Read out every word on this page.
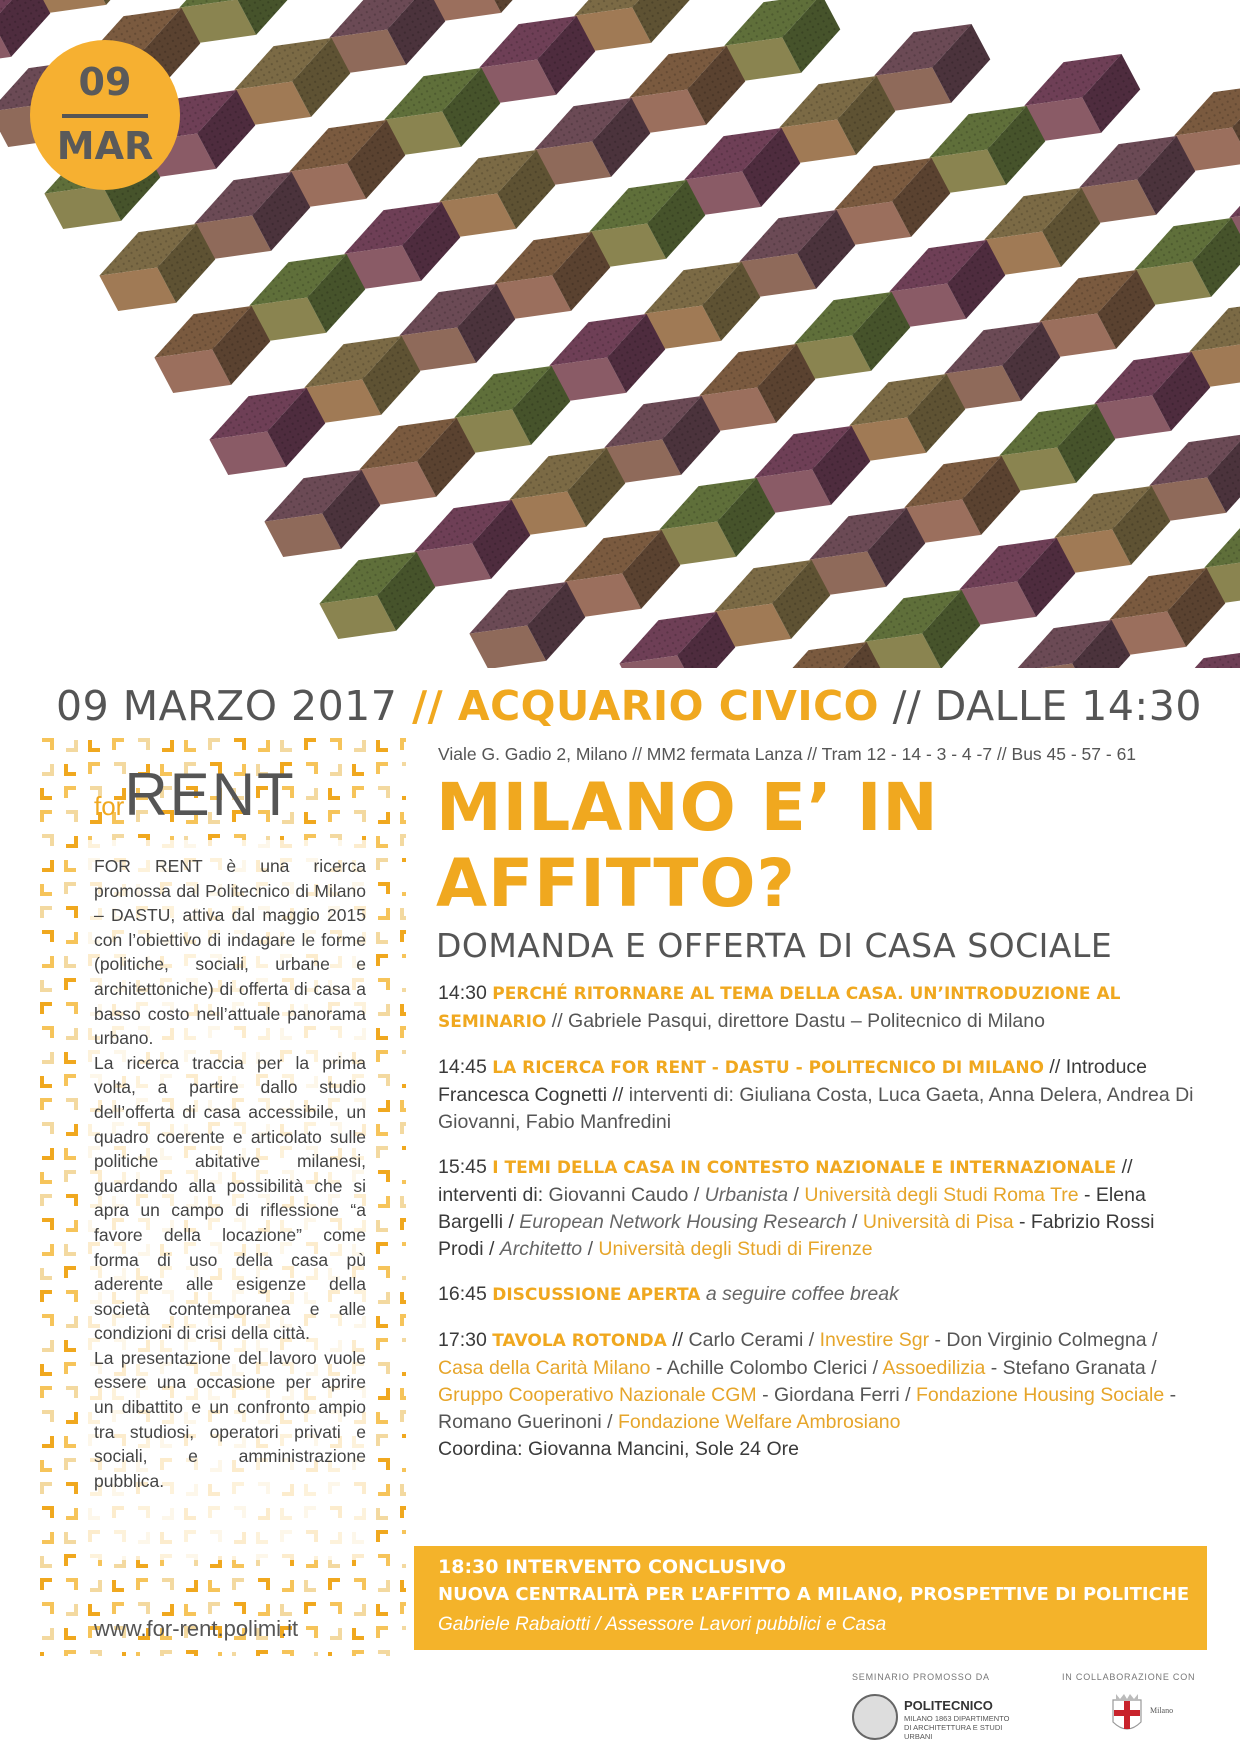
09
MAR
09 MARZO 2017 // ACQUARIO CIVICO // DALLE 14:30
forRENT

FOR RENT è una ricerca promossa dal Politecnico di Milano – DASTU, attiva dal maggio 2015 con l’obiettivo di indagare le forme (politiche, sociali, urbane e architettoniche) di offerta di casa a basso costo nell’attuale panorama urbano.

La ricerca traccia per la prima volta, a partire dallo studio dell’offerta di casa accessibile, un quadro coerente e articolato sulle politiche abitative milanesi, guardando alla possibilità che si apra un campo di riflessione “a favore della locazione” come forma di uso della casa pù aderente alle esigenze della società contemporanea e alle condizioni di crisi della città.

La presentazione del lavoro vuole essere una occasione per aprire un dibattito e un confronto ampio tra studiosi, operatori privati e sociali, e amministrazione pubblica.

www.for-rent.polimi.it
Viale G. Gadio 2, Milano // MM2 fermata Lanza // Tram 12 - 14 - 3 - 4 -7 // Bus 45 - 57 - 61
MILANO E’ IN AFFITTO?
DOMANDA E OFFERTA DI CASA SOCIALE
14:30 PERCHÉ RITORNARE AL TEMA DELLA CASA. UN’INTRODUZIONE AL SEMINARIO // Gabriele Pasqui, direttore Dastu – Politecnico di Milano
14:45 LA RICERCA FOR RENT - DASTU - POLITECNICO DI MILANO // Introduce Francesca Cognetti // interventi di: Giuliana Costa, Luca Gaeta, Anna Delera, Andrea Di Giovanni, Fabio Manfredini
15:45 I TEMI DELLA CASA IN CONTESTO NAZIONALE E INTERNAZIONALE // interventi di: Giovanni Caudo / Urbanista / Università degli Studi Roma Tre - Elena Bargelli / European Network Housing Research / Università di Pisa - Fabrizio Rossi Prodi / Architetto / Università degli Studi di Firenze
16:45 DISCUSSIONE APERTA a seguire coffee break
17:30 TAVOLA ROTONDA // Carlo Cerami / Investire Sgr - Don Virginio Colmegna / Casa della Carità Milano - Achille Colombo Clerici / Assoedilizia - Stefano Granata / Gruppo Cooperativo Nazionale CGM - Giordana Ferri / Fondazione Housing Sociale - Romano Guerinoni / Fondazione Welfare Ambrosiano
Coordina: Giovanna Mancini, Sole 24 Ore
18:30 INTERVENTO CONCLUSIVO
NUOVA CENTRALITÀ PER L’AFFITTO A MILANO, PROSPETTIVE DI POLITICHE
Gabriele Rabaiotti / Assessore Lavori pubblici e Casa
SEMINARIO PROMOSSO DA	IN COLLABORAZIONE CON
POLITECNICO
MILANO 1863 DIPARTIMENTO DI ARCHITETTURA E STUDI URBANI
Milano
